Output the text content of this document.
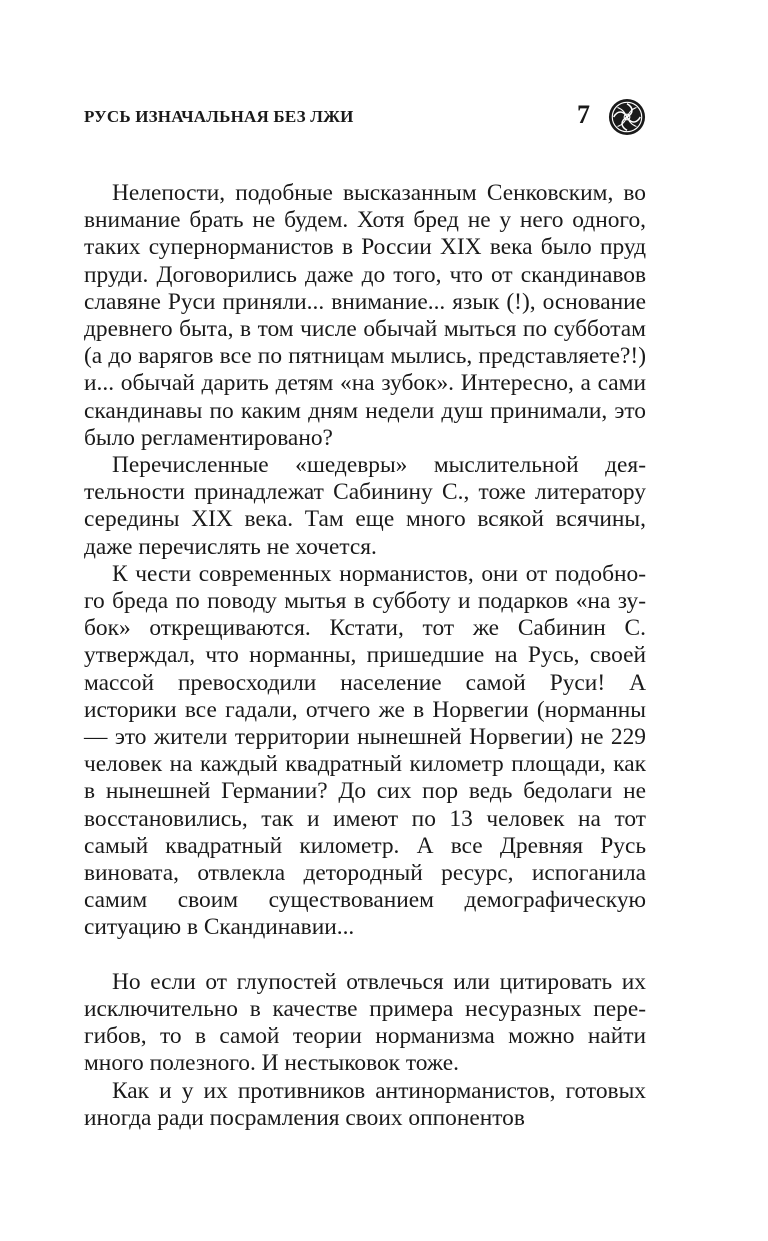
РУСЬ ИЗНАЧАЛЬНАЯ БЕЗ ЛЖИ	7

Нелепости, подобные высказанным Сенковским, во внимание брать не будем. Хотя бред не у него одного, таких супернорманистов в России XIX века было пруд пруди. Договорились даже до того, что от скандинавов славяне Руси приняли... внимание... язык (!), основание древнего быта, в том числе обычай мыться по субботам (а до варягов все по пятницам мылись, представляете?!) и... обычай дарить детям «на зубок». Интересно, а сами скандинавы по каким дням недели душ принимали, это было регламентировано?

Перечисленные «шедевры» мыслительной деятельности принадлежат Сабинину С., тоже литератору середины XIX века. Там еще много всякой всячины, даже перечислять не хочется.

К чести современных норманистов, они от подобного бреда по поводу мытья в субботу и подарков «на зубок» открещиваются. Кстати, тот же Сабинин С. утверждал, что норманны, пришедшие на Русь, своей массой превосходили население самой Руси! А историки все гадали, отчего же в Норвегии (норманны — это жители территории нынешней Норвегии) не 229 человек на каждый квадратный километр площади, как в нынешней Германии? До сих пор ведь бедолаги не восстановились, так и имеют по 13 человек на тот самый квадратный километр. А все Древняя Русь виновата, отвлекла детородный ресурс, испоганила самим своим существованием демографическую ситуацию в Скандинавии...

Но если от глупостей отвлечься или цитировать их исключительно в качестве примера несуразных перегибов, то в самой теории норманизма можно найти много полезного. И нестыковок тоже.

Как и у их противников антинорманистов, готовых иногда ради посрамления своих оппонентов
